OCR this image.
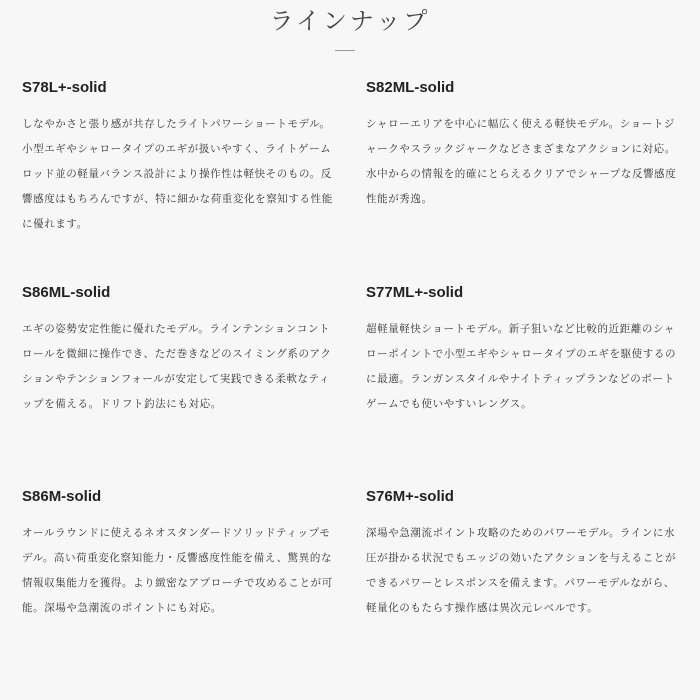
ラインナップ
S78L+-solid

しなやかさと張り感が共存したライトパワーショートモデル。小型エギやシャロータイプのエギが扱いやすく、ライトゲームロッド並の軽量バランス設計により操作性は軽快そのもの。反響感度はもちろんですが、特に細かな荷重変化を察知する性能に優れます。

S82ML-solid

シャローエリアを中心に幅広く使える軽快モデル。ショートジャークやスラックジャークなどさまざまなアクションに対応。水中からの情報を的確にとらえるクリアでシャープな反響感度性能が秀逸。

S86ML-solid

エギの姿勢安定性能に優れたモデル。ラインテンションコントロールを微細に操作でき、ただ巻きなどのスイミング系のアクションやテンションフォールが安定して実践できる柔軟なティップを備える。ドリフト釣法にも対応。

S77ML+-solid

超軽量軽快ショートモデル。新子狙いなど比較的近距離のシャローポイントで小型エギやシャロータイプのエギを駆使するのに最適。ランガンスタイルやナイトティップランなどのボートゲームでも使いやすいレングス。

S86M-solid

オールラウンドに使えるネオスタンダードソリッドティップモデル。高い荷重変化察知能力・反響感度性能を備え、驚異的な情報収集能力を獲得。より緻密なアプローチで攻めることが可能。深場や急潮流のポイントにも対応。

S76M+-solid

深場や急潮流ポイント攻略のためのパワーモデル。ラインに水圧が掛かる状況でもエッジの効いたアクションを与えることができるパワーとレスポンスを備えます。パワーモデルながら、軽量化のもたらす操作感は異次元レベルです。
